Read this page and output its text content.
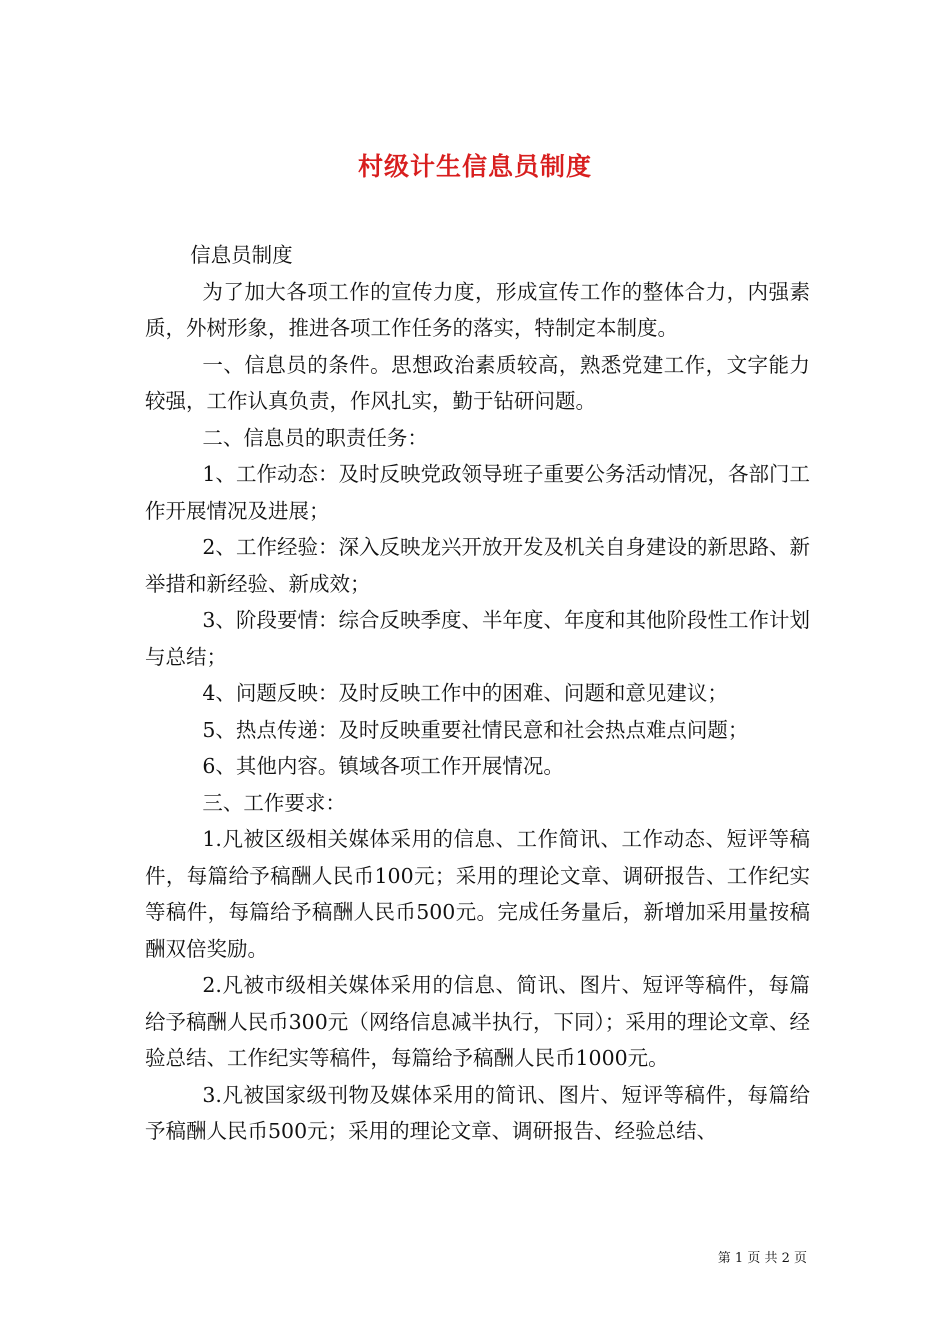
村级计生信息员制度

信息员制度

为了加大各项工作的宣传力度，形成宣传工作的整体合力，内强素质，外树形象，推进各项工作任务的落实，特制定本制度。

一、信息员的条件。思想政治素质较高，熟悉党建工作，文字能力较强，工作认真负责，作风扎实，勤于钻研问题。

二、信息员的职责任务：

1、工作动态：及时反映党政领导班子重要公务活动情况，各部门工作开展情况及进展；

2、工作经验：深入反映龙兴开放开发及机关自身建设的新思路、新举措和新经验、新成效；

3、阶段要情：综合反映季度、半年度、年度和其他阶段性工作计划与总结；

4、问题反映：及时反映工作中的困难、问题和意见建议；

5、热点传递：及时反映重要社情民意和社会热点难点问题；

6、其他内容。镇域各项工作开展情况。

三、工作要求：

1.凡被区级相关媒体采用的信息、工作简讯、工作动态、短评等稿件，每篇给予稿酬人民币100元；采用的理论文章、调研报告、工作纪实等稿件，每篇给予稿酬人民币500元。完成任务量后，新增加采用量按稿酬双倍奖励。

2.凡被市级相关媒体采用的信息、简讯、图片、短评等稿件，每篇给予稿酬人民币300元（网络信息减半执行，下同）；采用的理论文章、经验总结、工作纪实等稿件，每篇给予稿酬人民币1000元。

3.凡被国家级刊物及媒体采用的简讯、图片、短评等稿件，每篇给予稿酬人民币500元；采用的理论文章、调研报告、经验总结、

第 1 页 共 2 页
